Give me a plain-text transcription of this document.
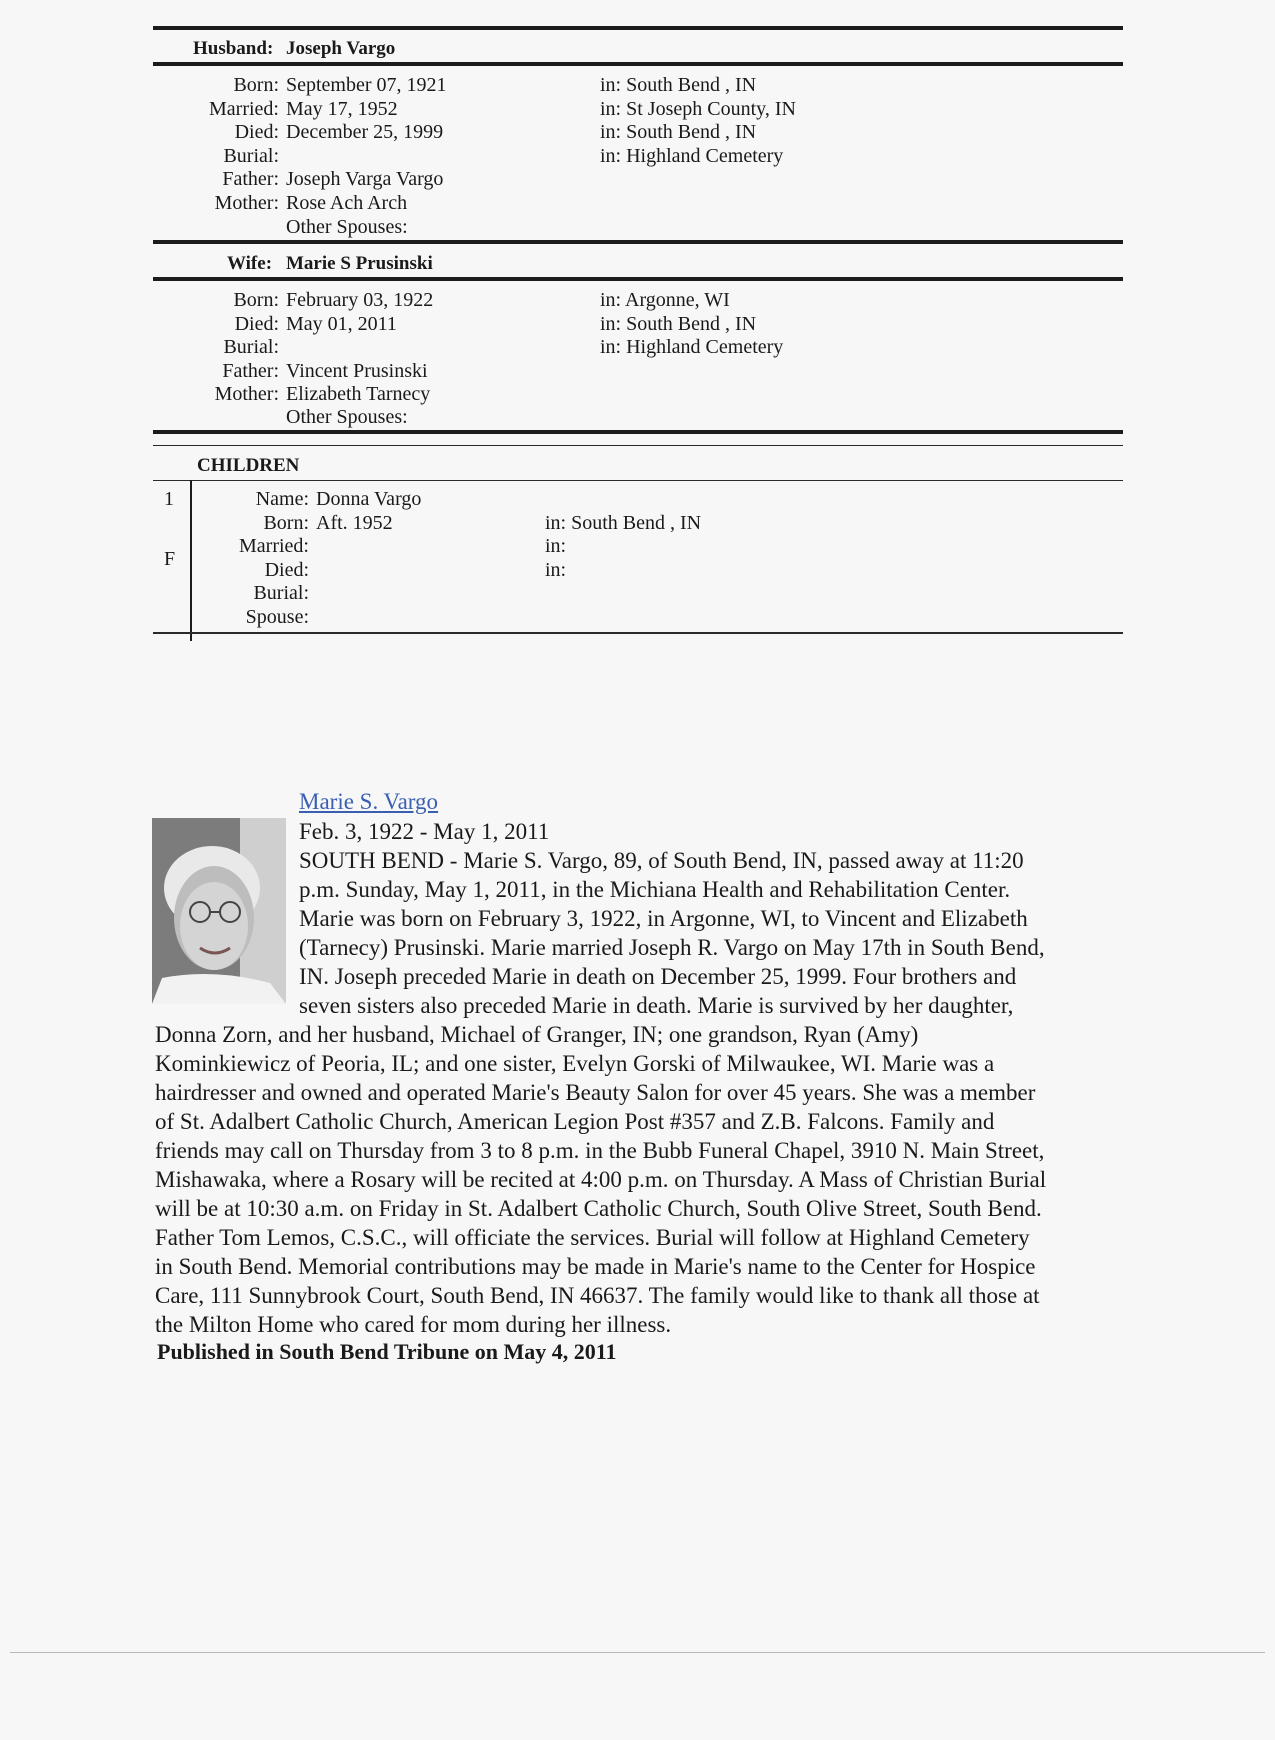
Husband: Joseph Vargo
Born: September 07, 1921	in: South Bend , IN
Married: May 17, 1952	in: St Joseph County, IN
Died: December 25, 1999	in: South Bend , IN
Burial:	in: Highland Cemetery
Father: Joseph Varga Vargo
Mother: Rose Ach Arch
Other Spouses:
Wife: Marie S Prusinski
Born: February 03, 1922	in: Argonne, WI
Died: May 01, 2011	in: South Bend , IN
Burial:	in: Highland Cemetery
Father: Vincent Prusinski
Mother: Elizabeth Tarnecy
Other Spouses:
CHILDREN
1
F
Name: Donna Vargo
Born: Aft. 1952	in: South Bend , IN
Married:	in:
Died:	in:
Burial:
Spouse:
Marie S. Vargo
Feb. 3, 1922 - May 1, 2011
SOUTH BEND - Marie S. Vargo, 89, of South Bend, IN, passed away at 11:20
p.m. Sunday, May 1, 2011, in the Michiana Health and Rehabilitation Center.
Marie was born on February 3, 1922, in Argonne, WI, to Vincent and Elizabeth
(Tarnecy) Prusinski. Marie married Joseph R. Vargo on May 17th in South Bend,
IN. Joseph preceded Marie in death on December 25, 1999. Four brothers and
seven sisters also preceded Marie in death. Marie is survived by her daughter,
Donna Zorn, and her husband, Michael of Granger, IN; one grandson, Ryan (Amy)
Kominkiewicz of Peoria, IL; and one sister, Evelyn Gorski of Milwaukee, WI. Marie was a
hairdresser and owned and operated Marie's Beauty Salon for over 45 years. She was a member
of St. Adalbert Catholic Church, American Legion Post #357 and Z.B. Falcons. Family and
friends may call on Thursday from 3 to 8 p.m. in the Bubb Funeral Chapel, 3910 N. Main Street,
Mishawaka, where a Rosary will be recited at 4:00 p.m. on Thursday. A Mass of Christian Burial
will be at 10:30 a.m. on Friday in St. Adalbert Catholic Church, South Olive Street, South Bend.
Father Tom Lemos, C.S.C., will officiate the services. Burial will follow at Highland Cemetery
in South Bend. Memorial contributions may be made in Marie's name to the Center for Hospice
Care, 111 Sunnybrook Court, South Bend, IN 46637. The family would like to thank all those at
the Milton Home who cared for mom during her illness.
Published in South Bend Tribune on May 4, 2011
